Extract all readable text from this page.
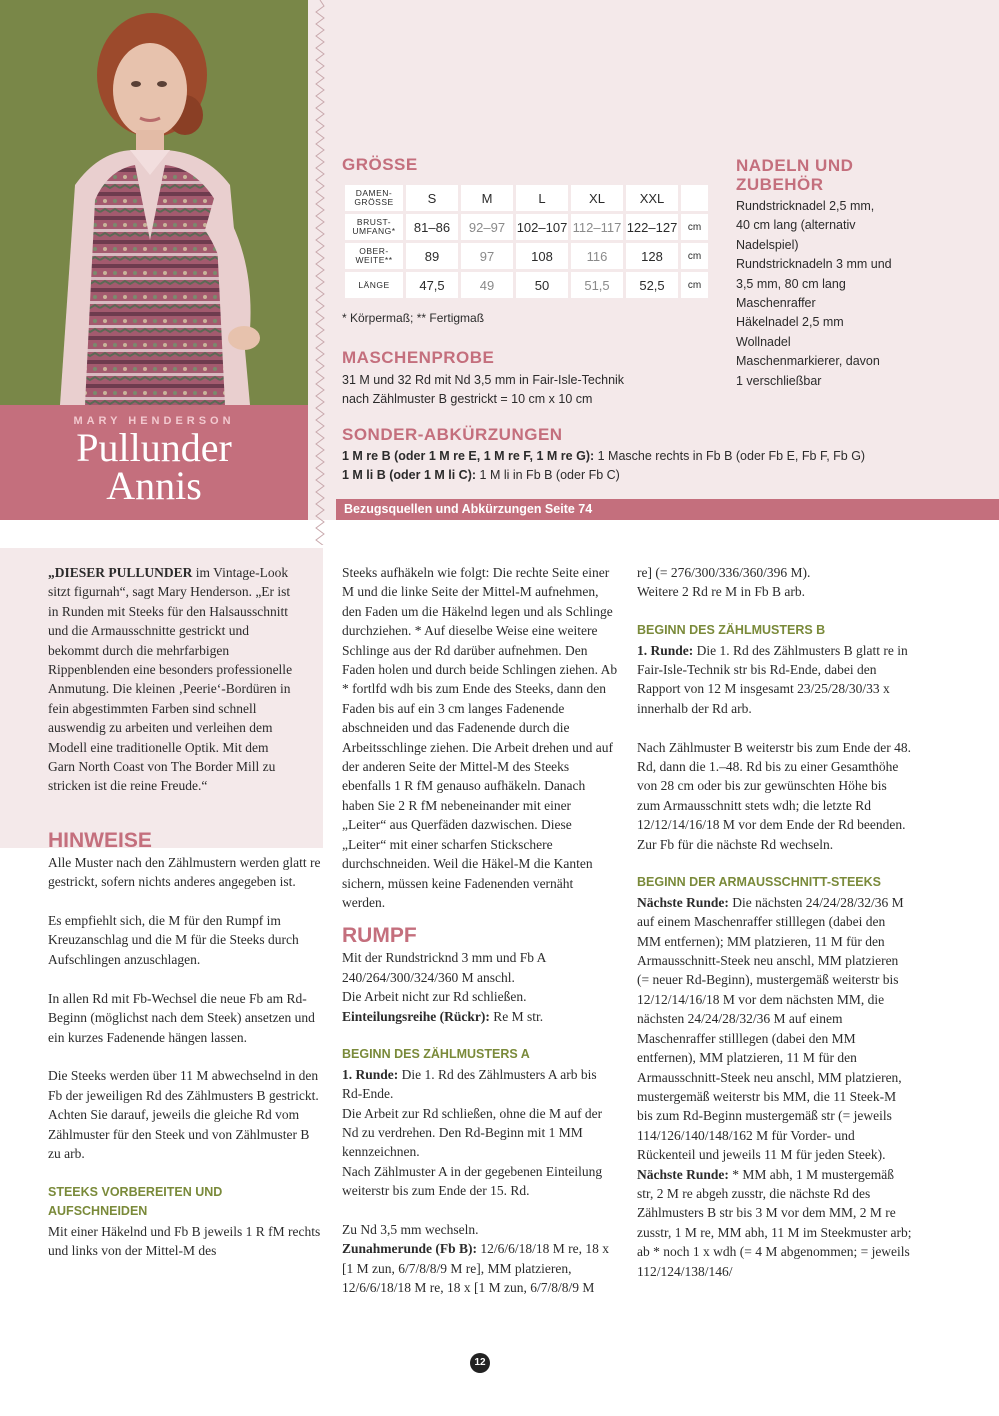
MARY HENDERSON
Pullunder
Annis
GRÖSSE
DAMEN-
GRÖSSE	S	M	L	XL	XXL	

BRUST-
UMFANG*	81–86	92–97	102–107	112–117	122–127	cm

OBER-
WEITE**	89	97	108	116	128	cm

LÄNGE	47,5	49	50	51,5	52,5	cm
* Körpermaß; ** Fertigmaß
MASCHENPROBE
31 M und 32 Rd mit Nd 3,5 mm in Fair-Isle-Technik
nach Zählmuster B gestrickt = 10 cm x 10 cm
SONDER-ABKÜRZUNGEN
1 M re B (oder 1 M re E, 1 M re F, 1 M re G): 1 Masche rechts in Fb B (oder Fb E, Fb F, Fb G)
1 M li B (oder 1 M li C): 1 M li in Fb B (oder Fb C)
NADELN UND
ZUBEHÖR
Rundstricknadel 2,5 mm,
40 cm lang (alternativ
Nadelspiel)
Rundstricknadeln 3 mm und
3,5 mm, 80 cm lang
Maschenraffer
Häkelnadel 2,5 mm
Wollnadel
Maschenmarkierer, davon
1 verschließbar
Bezugsquellen und Abkürzungen Seite 74

„DIESER PULLUNDER im Vintage-Look sitzt figurnah“, sagt Mary Henderson. „Er ist in Runden mit Steeks für den Halsausschnitt und die Armausschnitte gestrickt und bekommt durch die mehrfarbigen Rippenblenden eine besonders professionelle Anmutung. Die kleinen ‚Peerie‘-Bordüren in fein abgestimmten Farben sind schnell auswendig zu arbeiten und verleihen dem Modell eine traditionelle Optik. Mit dem Garn North Coast von The Border Mill zu stricken ist die reine Freude.“

HINWEISE

Alle Muster nach den Zählmustern werden glatt re gestrickt, sofern nichts anderes angegeben ist.

Es empfiehlt sich, die M für den Rumpf im Kreuzanschlag und die M für die Steeks durch Aufschlingen anzuschlagen.

In allen Rd mit Fb-Wechsel die neue Fb am Rd-Beginn (möglichst nach dem Steek) ansetzen und ein kurzes Fadenende hängen lassen.

Die Steeks werden über 11 M abwechselnd in den Fb der jeweiligen Rd des Zählmusters B gestrickt. Achten Sie darauf, jeweils die gleiche Rd vom Zählmuster für den Steek und von Zählmuster B zu arb.

STEEKS VORBEREITEN UND AUFSCHNEIDEN

Mit einer Häkelnd und Fb B jeweils 1 R fM rechts und links von der Mittel-M des

Steeks aufhäkeln wie folgt: Die rechte Seite einer M und die linke Seite der Mittel-M aufnehmen, den Faden um die Häkelnd legen und als Schlinge durchziehen. * Auf dieselbe Weise eine weitere Schlinge aus der Rd darüber aufnehmen. Den Faden holen und durch beide Schlingen ziehen. Ab * fortlfd wdh bis zum Ende des Steeks, dann den Faden bis auf ein 3 cm langes Fadenende abschneiden und das Fadenende durch die Arbeitsschlinge ziehen. Die Arbeit drehen und auf der anderen Seite der Mittel-M des Steeks ebenfalls 1 R fM genauso aufhäkeln. Danach haben Sie 2 R fM nebeneinander mit einer „Leiter“ aus Querfäden dazwischen. Diese „Leiter“ mit einer scharfen Stickschere durchschneiden. Weil die Häkel-M die Kanten sichern, müssen keine Fadenenden vernäht werden.

RUMPF

Mit der Rundstricknd 3 mm und Fb A 240/264/300/324/360 M anschl.

Die Arbeit nicht zur Rd schließen.

Einteilungsreihe (Rückr): Re M str.

BEGINN DES ZÄHLMUSTERS A

1. Runde: Die 1. Rd des Zählmusters A arb bis Rd-Ende.

Die Arbeit zur Rd schließen, ohne die M auf der Nd zu verdrehen. Den Rd-Beginn mit 1 MM kennzeichnen.

Nach Zählmuster A in der gegebenen Einteilung weiterstr bis zum Ende der 15. Rd.

Zu Nd 3,5 mm wechseln.

Zunahmerunde (Fb B): 12/6/6/18/18 M re, 18 x [1 M zun, 6/7/8/8/9 M re], MM platzieren, 12/6/6/18/18 M re, 18 x [1 M zun, 6/7/8/8/9 M

re] (= 276/300/336/360/396 M).

Weitere 2 Rd re M in Fb B arb.

BEGINN DES ZÄHLMUSTERS B

1. Runde: Die 1. Rd des Zählmusters B glatt re in Fair-Isle-Technik str bis Rd-Ende, dabei den Rapport von 12 M insgesamt 23/25/28/30/33 x innerhalb der Rd arb.

Nach Zählmuster B weiterstr bis zum Ende der 48. Rd, dann die 1.–48. Rd bis zu einer Gesamthöhe von 28 cm oder bis zur gewünschten Höhe bis zum Armausschnitt stets wdh; die letzte Rd 12/12/14/16/18 M vor dem Ende der Rd beenden.

Zur Fb für die nächste Rd wechseln.

BEGINN DER ARMAUSSCHNITT-STEEKS

Nächste Runde: Die nächsten 24/24/28/32/36 M auf einem Maschenraffer stilllegen (dabei den MM entfernen); MM platzieren, 11 M für den Armausschnitt-Steek neu anschl, MM platzieren (= neuer Rd-Beginn), mustergemäß weiterstr bis 12/12/14/16/18 M vor dem nächsten MM, die nächsten 24/24/28/32/36 M auf einem Maschenraffer stilllegen (dabei den MM entfernen), MM platzieren, 11 M für den Armausschnitt-Steek neu anschl, MM platzieren, mustergemäß weiterstr bis MM, die 11 Steek-M bis zum Rd-Beginn mustergemäß str (= jeweils 114/126/140/148/162 M für Vorder- und Rückenteil und jeweils 11 M für jeden Steek).

Nächste Runde: * MM abh, 1 M mustergemäß str, 2 M re abgeh zusstr, die nächste Rd des Zählmusters B str bis 3 M vor dem MM, 2 M re zusstr, 1 M re, MM abh, 11 M im Steekmuster arb; ab * noch 1 x wdh (= 4 M abgenommen; = jeweils 112/124/138/146/

12
